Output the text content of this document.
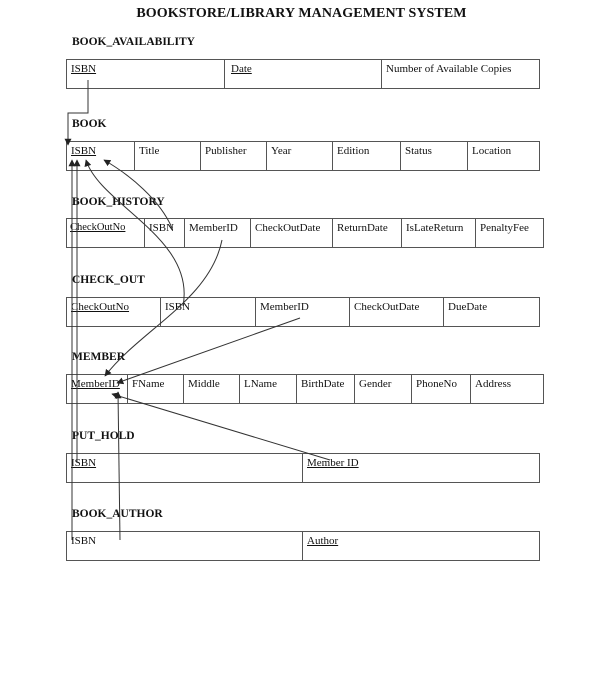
BOOKSTORE/LIBRARY MANAGEMENT SYSTEM
BOOK_AVAILABILITY
ISBN	Date	Number of Available Copies
BOOK
ISBN	Title	Publisher	Year	Edition	Status	Location
BOOK_HISTORY
CheckOutNo	ISBN	MemberID	CheckOutDate	ReturnDate	IsLateReturn	PenaltyFee
CHECK_OUT
CheckOutNo	ISBN	MemberID	CheckOutDate	DueDate
MEMBER
MemberID	FName	Middle	LName	BirthDate	Gender	PhoneNo	Address
PUT_HOLD
ISBN	Member ID
BOOK_AUTHOR
ISBN	Author
